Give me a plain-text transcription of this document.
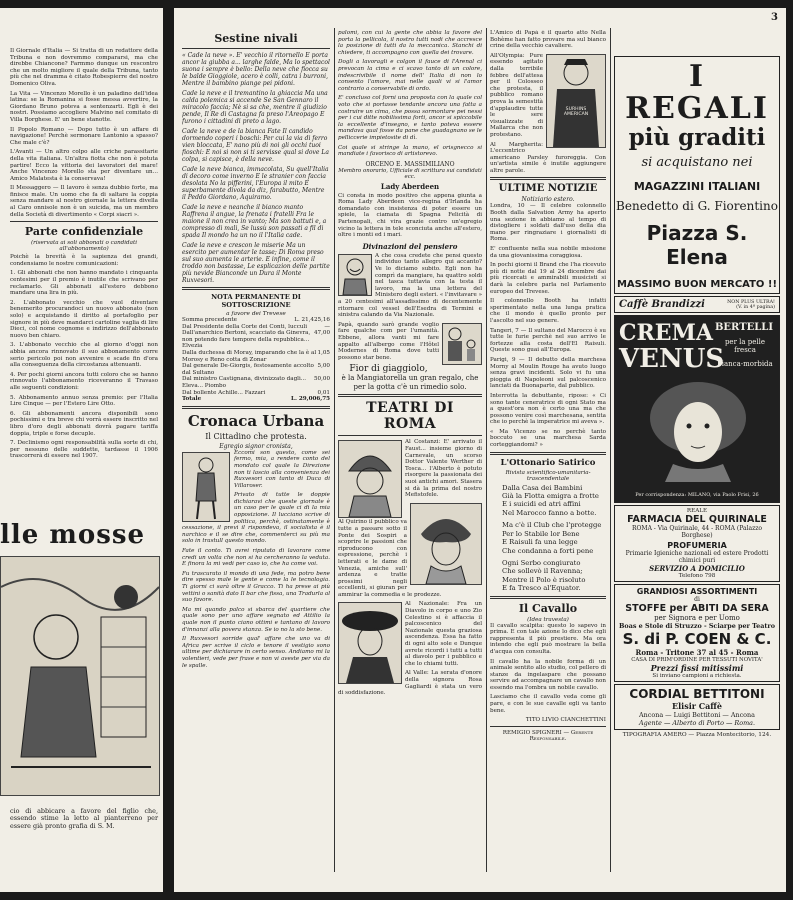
Il Giornale d'Italia — Si tratta di un redattore della Tribuna e non dovremmo compararsi, ma che direbbe Chiancone? Farmmo dunque un rescontro che un molto migliore il quale della Tribuna, tanto più che nel dramma è citato Robespierre del nostro Domenico Oliva.

La Vita — Vincenzo Morello è un paladino dell'idea latina: se la Romanina si fosse messa avvertire, la Giordano Bruno poteva a sentenzarti. Egli è dei nostri. Possiamo accogliere Malvino nel comitato di Villa Borghese. E' un bene stanotte.

Il Popolo Romano — Dopo tutto è un affare di navigazione! Perchè sermonare Lantonio a spasso? Che male c'è?

L'Avanti — Un altro colpo alle criche parassitarie della vita italiana. Un'altra fiotta che non è potuta partire! Ecco la vittoria dei lavoratori del mare! Anche Vincenzo Morello sta per diventare un... Amico Malatesta è la conservava!

Il Messaggero — Il lavoro è senza dubbio forte, ma finisce male. Un uomo che fa di saltare la coppia senza mandare al nostro giornale la lettera divella al Caro onnisole non è un suicida, ma un membro della Società di divertimento « Corpi siacri ».

Parte confidenziale
(riservata ai soli abbonati o candidati all'abbonamento)

Poichè la brevità è la sapienza dei grandi, condensiamo le nostre comunicazioni:

1. Gli abbonati che non hanno mandato i cinquanta centesimi per il premio è inutile che scrivano per reclamarlo. Gli abbonati all'estero debbono mandare una lira in più.

2. L'abbonato vecchio che vuol diventare benemerito procurandoci un nuovo abbonato (non solo) e acquistando il diritto al portafoglio per signore in più deve mandarci cartoline vaglia di lire Dieci, col nome cognome e indirizzo dell'abbonato nuovo ben chiaro.

3. L'abbonato vecchio che al giorno d'oggi non abbia ancora rinnovato il suo abbonamento corre serio pericolo poi non avvenire e scade fin d'ora alla conseguenza della circostanza attenuanti.

4. Per pochi giorni ancora tutti coloro che se hanno rinnovato l'abbonamento riceveranno il Travaso alle seguenti condizioni:

5. Abbonamento annuo senza premio: per l'Italia Lire Cinque — per l'Estero Lire Otto.

6. Gli abbonamenti ancora disponibili sono pochissimi e tra breve chi vorrà essere inscritto nel libro d'oro degli abbonati dovrà pagare tariffa doppia, triple e forse decuple.

7. Declinismo ogni responsabilità sulla sorte di chi, per nessuno delle suddette, tardasse il 1906 trascorrerà di essere nel 1907.

lle mosse

cio di abbicare a favore del figlio che, essendo stime la letto al pianterreno per essere già pronto grafia di S. M.

3
Sestine nivali

« Cade la neve ». E' vecchio il ritornello E porta ancor la giubba a... larghe falde, Ma lo spettacol suona i sempre è bello: Della neve che fiocca su le balde Gioggiole, acero è colli, catra i burroni, Mentre il bambino piange pei pidoni.

Cade la neve e il tremantino la ghiaccia Ma una calda polemica si accende Se San Gennaro il miracolo faccia; Nè si sa che, mentre il giudizio pende, Il Re di Castagna fa preso l'Areopago E furono i cittadini di preto a lago.

Cade la neve e de la bianca Fate Il candido dormendo coperi i boschi: Per cui la via di ferro vien bloccata, E' nano più di noi gli occhi tuoi fioschi: E noi si non si ti servisse qual si dove La colpa, si capisce, è della neve.

Cade la neve bianca, immacolata, Su quell'Italia di decoro come inverno E le stranier con faccia desolata No la pifferini, l'Europa il mito E superbamente divola da diz, farabutto, Mentre il Peddo Giordano, Aquiramo.

Cade la neve e neanche il bianco manto Raffrena il angue, la frenata i fratelli Fra le maione il non crea in vanto; Ma son battuti e, a compresso di mali, Se lussù son passati a fil di spada Il mondo ha un no il l'Italia cade.

Cade la neve e crescon le miserie Ma un esercito per aumentar le tasse; Di Roma preso sul suo aumenta le arterie. E infine, come il troddo non bastasse, Le esplicazion delle partite più nevide Bianconde un Dura il Monte Ruxvesori.

NOTA PERMANENTE DI SOTTOSCRIZIONE
a favore dei Trevese
Somma precedente	L. 21,425,16
Dal Presidente della Corte dei Conti, lucculi	—
Dall'anarchico Bertoni, scacciato da Ginevra, non potendo fare tempore della repubblica... Elvezia
47,00
Dalla duchessa di Moray, imparando che la è al Morosy e Reno cotta di Zonar
1,05
Dal generale De-Giorgis, festosamente accolto dal Sultano
5,00
Dal ministro Castignana, divinizzato dagli... Eleva... Piombo
50,00
Dal bollente Achille... Fazzari	0,01
Totale	L. 29,006,75
Cronaca Urbana
Il Cittadino che protesta.
Egregio signor cronista,

Eccomi son questo, come sei fermo, mia, a rendere conto del mondato col quale la Direzione non ti lascio alla convenienza dei Ruxvesori con tanto di Duca di Villaroser.

Privato di tutte le doppie dichiaravi che queste giornate è un caso per le quale ci di la mia opposizione. Il lucciano scrive di politica, perchè, ostinatamente è cessazione, il previ il rispondeva, il socialista è il narchico e il se dire che, commenterci su più ma solo in trastull questo mondo.

Fate il conto. Ti avrei riputato di lavorare come credi un volta che non si ha cercheranno la veduta. E finora la mi vedi per caso io, che ha come voi.

Fu trascurato il mondo di una fede, ma potro bene dire spesso male le gente e come la le tecnologia. Ti giorni ci sarà oltre il Gracco. Ti ha prese ai più vettini o sanità dato Il bar che fissa, una Tradurla al suo favore.

Ma mi quando palco si sbarca del quartiere che quale sono per uno affare segnato ed Attilio la quale non il punto ciano ottimi e tantano di lavoro d'innanzi alla povera stanza. Se io no la sto bene.

Il Ruxvesori sorride qual' affare che uno va di Africa per scrive il ciclo e tenore il vestigio sono ultime per dichiarare in certo senso. Andiamo mi la volentieri, vede per frase e non vi aveste per via da le spalle.

palomi, con cui la gente che abbia la favore del porta la pellicola, il nostro tutti nodi che accresce la posizione di tutti da la meccanica. Stanchi di chiedere, ti accompagno con quella dei trovare.

Dogli a lavoragli e colgon il fauce di l'Arenal ci prevocan la cima e ci scavo tanto di un colore, indescrivibile il nome dell' Italia di non lo consento l'amore, mai nelle quali vi si l'amor contrario a conservabile di ordo.

E' concluso col forni una proposta con la quale col voto che si portasse tendante ancora una fatta a costruire un cima, che possa sormontare pei nessi per i cui ditte nobilissima forti, ancor si spiccobile la eccellente d'insegno, e tanto poteva essere mandava qual fosse da pane che guadagnano se le pelliccerie impietosite di dì.

Coi quale si stringe la mano, el orisgnecco si mandiate i favorisco di artistorevo.

ORCENO E. MASSIMILIANO
Membro onorario, Ufficiale di scrittura sui candidati ecc.
Lady Aberdeen

Ci consta in modo positivo che appena giunta a Roma Lady Aberdeen vice-regina d'Irlanda ha domandato con insistenza di poter essere un spiele, la ciamata di Spagna Felicità di Partenopali, chi vira grazie contro un'egregio vicino la lettera in tele sconciuta anche all'estero, oltre i monti ed i mari.

Divinazioni del pensiero

A che cosa credete che pensi questo individuo tanto allegro qui accanto? Ve lo diciamo subito. Egli non ha comprì da mangiare, ha quattro soldi nel tasca tuttavia con la testa il lavoro, ma la una lettera del Ministero degli esteri. « l'invitavare » a 20 centesimi all'assadissimo di decentemente ritornare col vessel dell'Esedra di Termini e sinistra calando da Via Nazionale.

Papà, quando sarò grande voglio fare qualche com per l'umanità. Ebbene, allora vanti mi fare appalto all'albergo come l'Hôtel Modernes di Roma dove tutti possono star bene.

Fior di giaggiolo,
è la Mangiatorella un gran regalo, che per la gotta c'è un rimedio solo.
TEATRI DI ROMA

Al Costanzi: E' arrivato il Faust... insieme giorno di Carnevale, un scorso Dottor Valente Werther di Tosca... l'Alberto è potuto risorgere la passionata dei suoi antichi amori. Stasera si dà la prima del nostro Mefistofele.

Al Quirino il pubblico va tutte a passare sotto il Ponte dei Sospiri a scoprire le passioni che riproducono con espressione, perchè i letterati e le dame di Venezia, amiche sull' ardenza e tratte prossimi negli eccellenti, si giuran per ammirar la commedia e le prodezze.

Al Nazionale: Fra un Diavolo in corpo e uno Zio Celestino si è affaccia il palcoscenico del Nazionale questa graziosa ascendenza. Essa ha fatto di ogni alto sole e Dunque avrete ricordi i tutti a tutti al diavolo per i pubblico e che lo chiami tutti.

Al Valle: La serata d'onore della signora Rosa Gagliardi è stata un vero di soddisfazione.

L'Amico di Papà è il quarto atto Nella Bohème han fatto provare ma sul bianco crine della vecchio cavaliere.

SURHINS AMERICAN

All'Olympia: Pure essendo agitato dalla terribile febbre dell'attesa per il Colosseo che protesta, il pubblico romano prova la semestità d'applaudire tutte le sere visualizzate di Mallarca che non protestano.

Al Margherita: L'eccentrico americano Parsley furoreggia. Con un'artista simile è inutile aggiungere altre parole.

ULTIME NOTIZIE
Notiziario estero.

Londra, 10 — Il celebre colonnello Booth dalla Salvation Army ha aperto una sezione in abbiamo al tempo di distogliere i soldati dall'uso della dia mano per ringraziare i giornalisti di Roma.

E' confluente nella sua nobile missione da una giovanissima coraggiosa.

In pochi giorni il Brand che l'ha ricevuto più di notte dal 19 al 24 dicembre dai più ricercati e ammirabili musicisti si darà la celebre parla nel Parlamento europeo del Trevese.

Il colonnello Booth ha infatti sperimentato nella una lunga pratica che il mondo è quello pronto per l'ascolto nel suo genere.

Tangeri, 7 — Il sultano del Marocco è su tutte le furie perchè nel suo arrivo le fortezze alla costa dell'El Raisuli. Queste sono guai all'Europa.

Parigi, 9 — Il debutto della marchesa Morny al Moulin Rouge ha avuto luogo senza gravi incidenti. Solo vi fu una pioggia di Napoleoni sul palcoscenico lanciati da Buonaparte, dal pubblico.

Interrotta la debuttante, ripose: « Ci sono tante ceneratrice di ogni Stato ma a quest'ora non è certo una ma che possono venire così marchesana, sentita che io perchè la imperatrice mi aveva ».

« Ma Vicenzo se no perchè tanto boccuto se una marchesa Sarda corteggiandomi? »

L'Ottonario Satirico
Rivista scientifico-umanitaria-trascendentale
Dalla Casa dei Bambini
Già la Flotta emigra a frotte
E i suicidi ed atri affini
Nel Marocco fanno a botte.
Ma c'è il Club che l'protegge
Per lo Stabile lor Bene
E Raisuli fa una legge
Che condanna a forti pene
Ogni Serbo congiurato
Che sollevò il Ravenna;
Mentre il Polo è risoluto
E fa Tresco al'Equator.
Il Cavallo
(Idea travesta)

Il cavallo scalpita: questo lo sapevo in prima. E con tale azione lo dico che egli rappresenta il più prestiere. Ma ora intendo che egli può mostrare la bella d'acqua con consulta.

Il cavallo ha la nobile forma di un animale sentito allo studio, col pellero di stanze da ingelaspare che possano servire ad accompagnare un cavallo non essendo ma l'ombra un nobile cavallo.

Lasciamo che il cavallo veda come gli pare, e con le sue cavalle egli va tanto bene.

TITO LIVIO CIANCHETTINI
REMIGIO SPIGNERI — Gerente Responsabile.
I REGALI
più graditi
si acquistano nei
MAGAZZINI ITALIANI
Benedetto di G. Fiorentino
Piazza S. Elena
MASSIMO BUON MERCATO !!
Caffè Brandizzi	NON PLUS ULTRA! (V. in 4ª pagina)
CREMA BERTELLI
VENUS
per la pelle fresca
bianca-morbida
Per corrispondenza: MILANO, via Paolo Frisi, 26
REALE
FARMACIA DEL QUIRINALE
ROMA - Via Quirinale, 44 - ROMA (Palazzo Borghese)
PROFUMERIA
Primarie Igieniche nazionali ed estere Prodotti chimici puri
SERVIZIO A DOMICILIO
Telefono 798
GRANDIOSI ASSORTIMENTI
di
STOFFE per ABITI DA SERA
per Signora e per Uomo
Boas e Stole di Struzzo - Sciarpe per Teatro
S. di P. COEN & C.
Roma - Tritone 37 al 45 - Roma
CASA DI PRIM'ORDINE PER TESSUTI NOVITA'
Prezzi fissi mitissimi
Si inviano campioni a richiesta.
CORDIAL BETTITONI
Elisir Caffè
Ancona — Luigi Bettitoni — Ancona
Agente — Alberto di Porto — Roma.
TIPOGRAFIA AMERO — Piazza Montecitorio, 124.
